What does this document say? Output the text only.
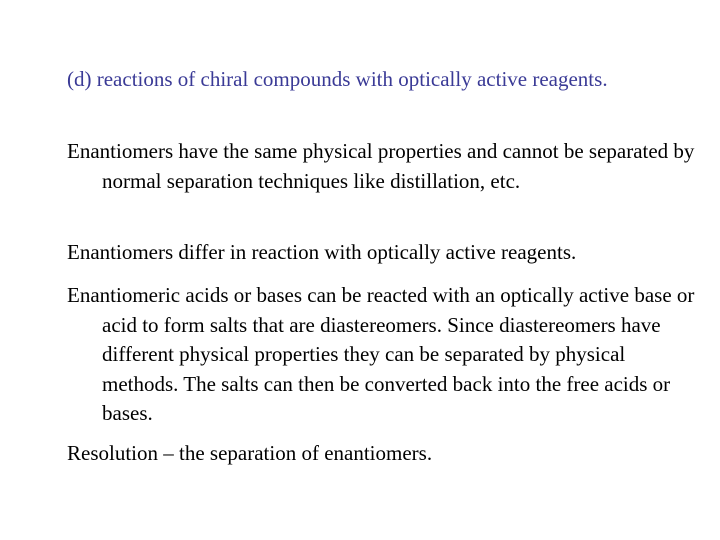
(d) reactions of chiral compounds with optically active reagents.

Enantiomers have the same physical properties and cannot be separated by normal separation techniques like distillation, etc.

Enantiomers differ in reaction with optically active reagents.

Enantiomeric acids or bases can be reacted with an optically active base or acid to form salts that are diastereomers. Since diastereomers have different physical properties they can be separated by physical methods. The salts can then be converted back into the free acids or bases.

Resolution – the separation of enantiomers.
